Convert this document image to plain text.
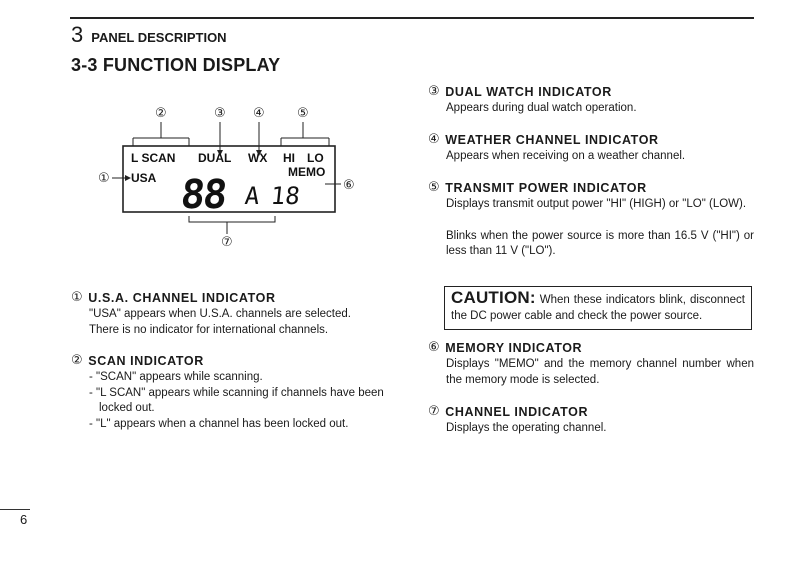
3 PANEL DESCRIPTION
3-3 FUNCTION DISPLAY
②	③ ④ ⑤
①	⑥
⑦
L SCAN DUAL WX HI LO
USA	MEMO
88 A 18
① U.S.A. CHANNEL INDICATOR

"USA" appears when U.S.A. channels are selected.

There is no indicator for international channels.

② SCAN INDICATOR
- "SCAN" appears while scanning.
- "L SCAN" appears while scanning if channels have been locked out.
- "L" appears when a channel has been locked out.
③ DUAL WATCH INDICATOR
Appears during dual watch operation.
④ WEATHER CHANNEL INDICATOR
Appears when receiving on a weather channel.
⑤ TRANSMIT POWER INDICATOR
Displays transmit output power "HI" (HIGH) or "LO" (LOW).
Blinks when the power source is more than 16.5 V ("HI") or less than 11 V ("LO").
CAUTION: When these indicators blink, disconnect the DC power cable and check the power source.
⑥ MEMORY INDICATOR
Displays "MEMO" and the memory channel number when the memory mode is selected.
⑦ CHANNEL INDICATOR
Displays the operating channel.
6
